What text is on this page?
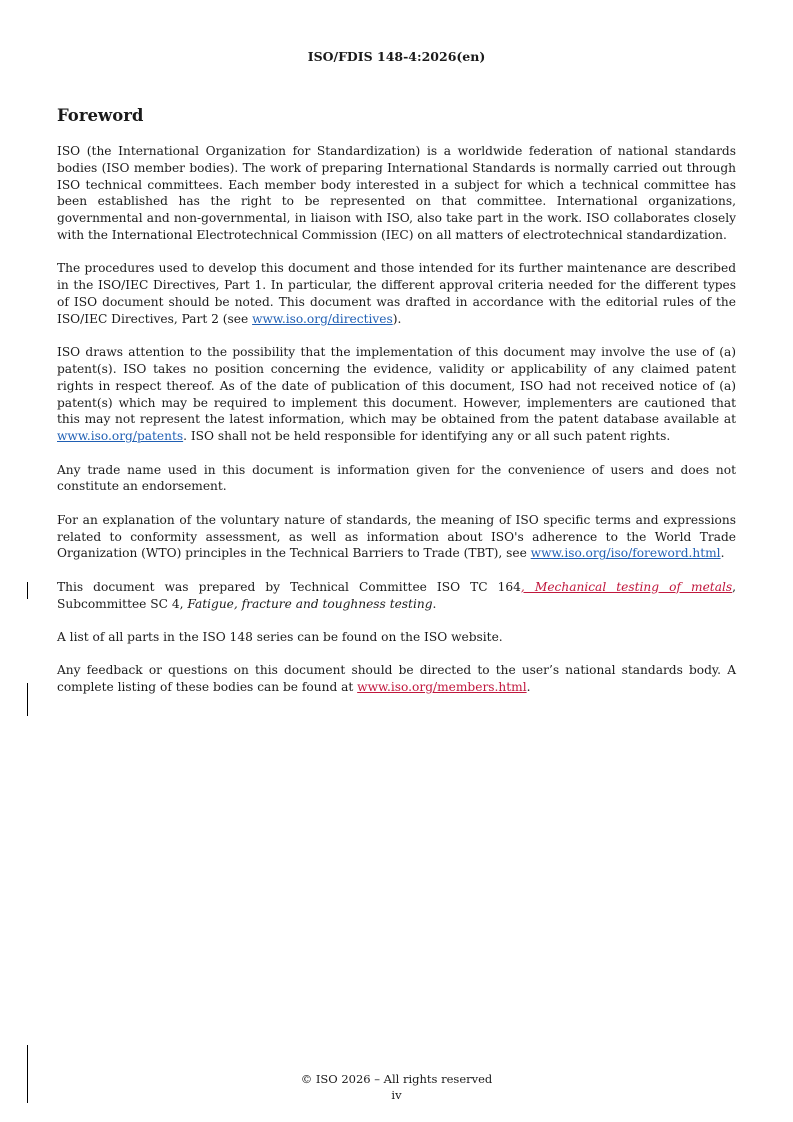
ISO/FDIS 148-4:2026(en)
Foreword

ISO (the International Organization for Standardization) is a worldwide federation of national standards bodies (ISO member bodies). The work of preparing International Standards is normally carried out through ISO technical committees. Each member body interested in a subject for which a technical committee has been established has the right to be represented on that committee. International organizations, governmental and non-governmental, in liaison with ISO, also take part in the work. ISO collaborates closely with the International Electrotechnical Commission (IEC) on all matters of electrotechnical standardization.

The procedures used to develop this document and those intended for its further maintenance are described in the ISO/IEC Directives, Part 1. In particular, the different approval criteria needed for the different types of ISO document should be noted. This document was drafted in accordance with the editorial rules of the ISO/IEC Directives, Part 2 (see www.iso.org/directives).

ISO draws attention to the possibility that the implementation of this document may involve the use of (a) patent(s). ISO takes no position concerning the evidence, validity or applicability of any claimed patent rights in respect thereof. As of the date of publication of this document, ISO had not received notice of (a) patent(s) which may be required to implement this document. However, implementers are cautioned that this may not represent the latest information, which may be obtained from the patent database available at www.iso.org/patents. ISO shall not be held responsible for identifying any or all such patent rights.

Any trade name used in this document is information given for the convenience of users and does not constitute an endorsement.

For an explanation of the voluntary nature of standards, the meaning of ISO specific terms and expressions related to conformity assessment, as well as information about ISO's adherence to the World Trade Organization (WTO) principles in the Technical Barriers to Trade (TBT), see www.iso.org/iso/foreword.html.

This document was prepared by Technical Committee ISO TC 164, Mechanical testing of metals, Subcommittee SC 4, Fatigue, fracture and toughness testing.

A list of all parts in the ISO 148 series can be found on the ISO website.

Any feedback or questions on this document should be directed to the user’s national standards body. A complete listing of these bodies can be found at www.iso.org/members.html.

© ISO 2026 – All rights reserved
iv
